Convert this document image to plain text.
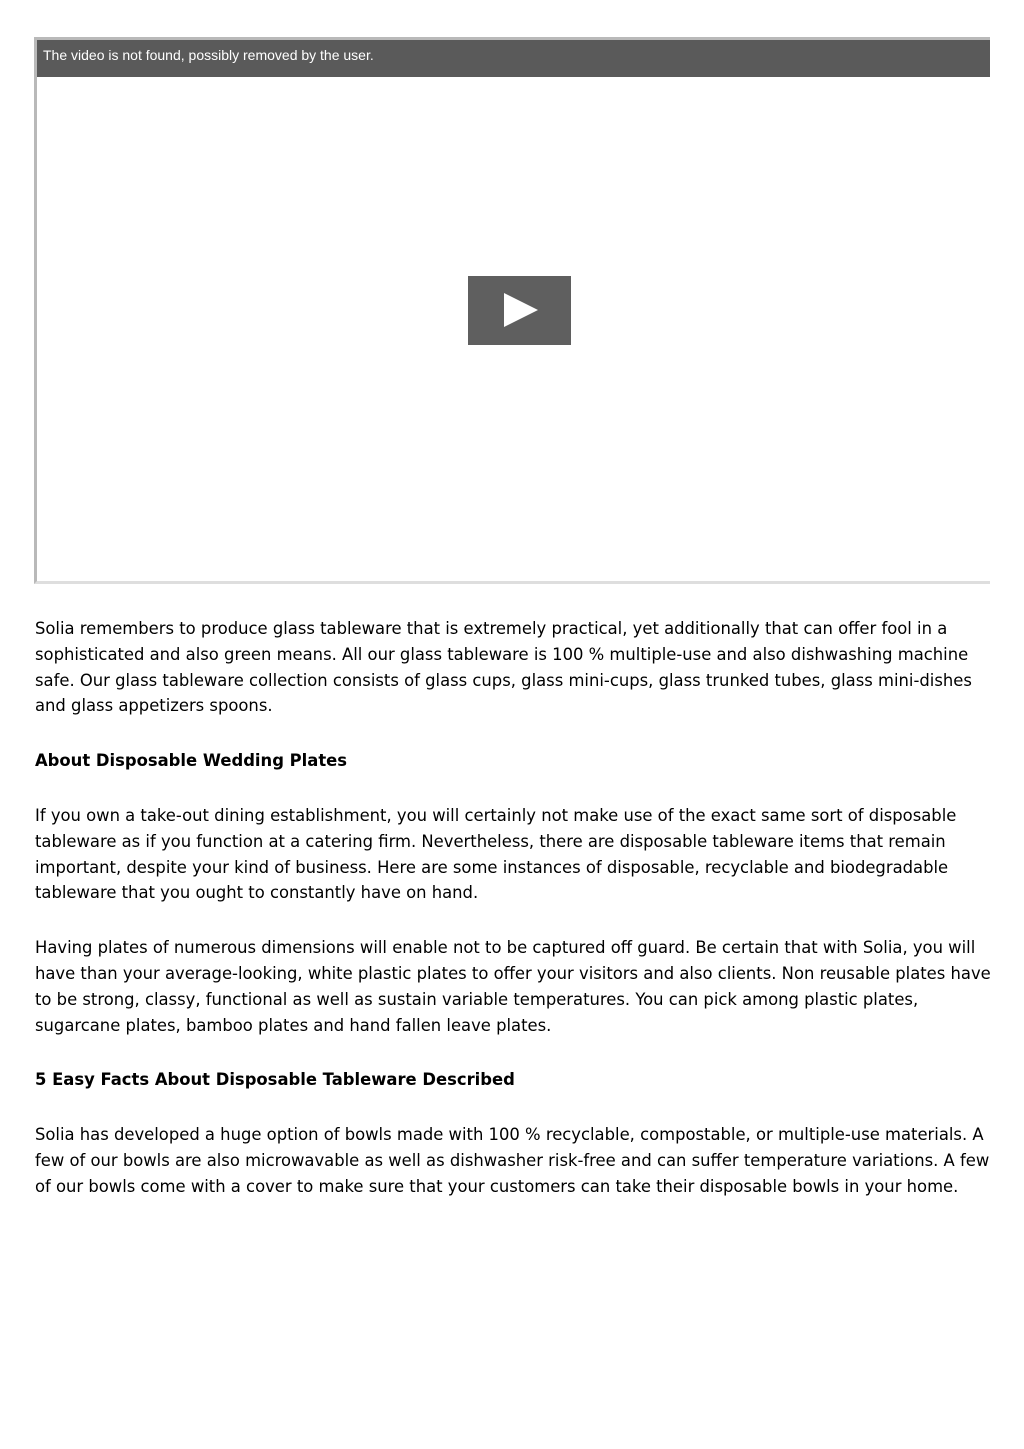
The video is not found, possibly removed by the user.

Solia remembers to produce glass tableware that is extremely practical, yet additionally that can offer fool in a sophisticated and also green means. All our glass tableware is 100 % multiple-use and also dishwashing machine safe. Our glass tableware collection consists of glass cups, glass mini-cups, glass trunked tubes, glass mini-dishes and glass appetizers spoons.

About Disposable Wedding Plates

If you own a take-out dining establishment, you will certainly not make use of the exact same sort of disposable tableware as if you function at a catering firm. Nevertheless, there are disposable tableware items that remain important, despite your kind of business. Here are some instances of disposable, recyclable and biodegradable tableware that you ought to constantly have on hand.

Having plates of numerous dimensions will enable not to be captured off guard. Be certain that with Solia, you will have than your average-looking, white plastic plates to offer your visitors and also clients. Non reusable plates have to be strong, classy, functional as well as sustain variable temperatures. You can pick among plastic plates, sugarcane plates, bamboo plates and hand fallen leave plates.

5 Easy Facts About Disposable Tableware Described

Solia has developed a huge option of bowls made with 100 % recyclable, compostable, or multiple-use materials. A few of our bowls are also microwavable as well as dishwasher risk-free and can suffer temperature variations. A few of our bowls come with a cover to make sure that your customers can take their disposable bowls in your home.
